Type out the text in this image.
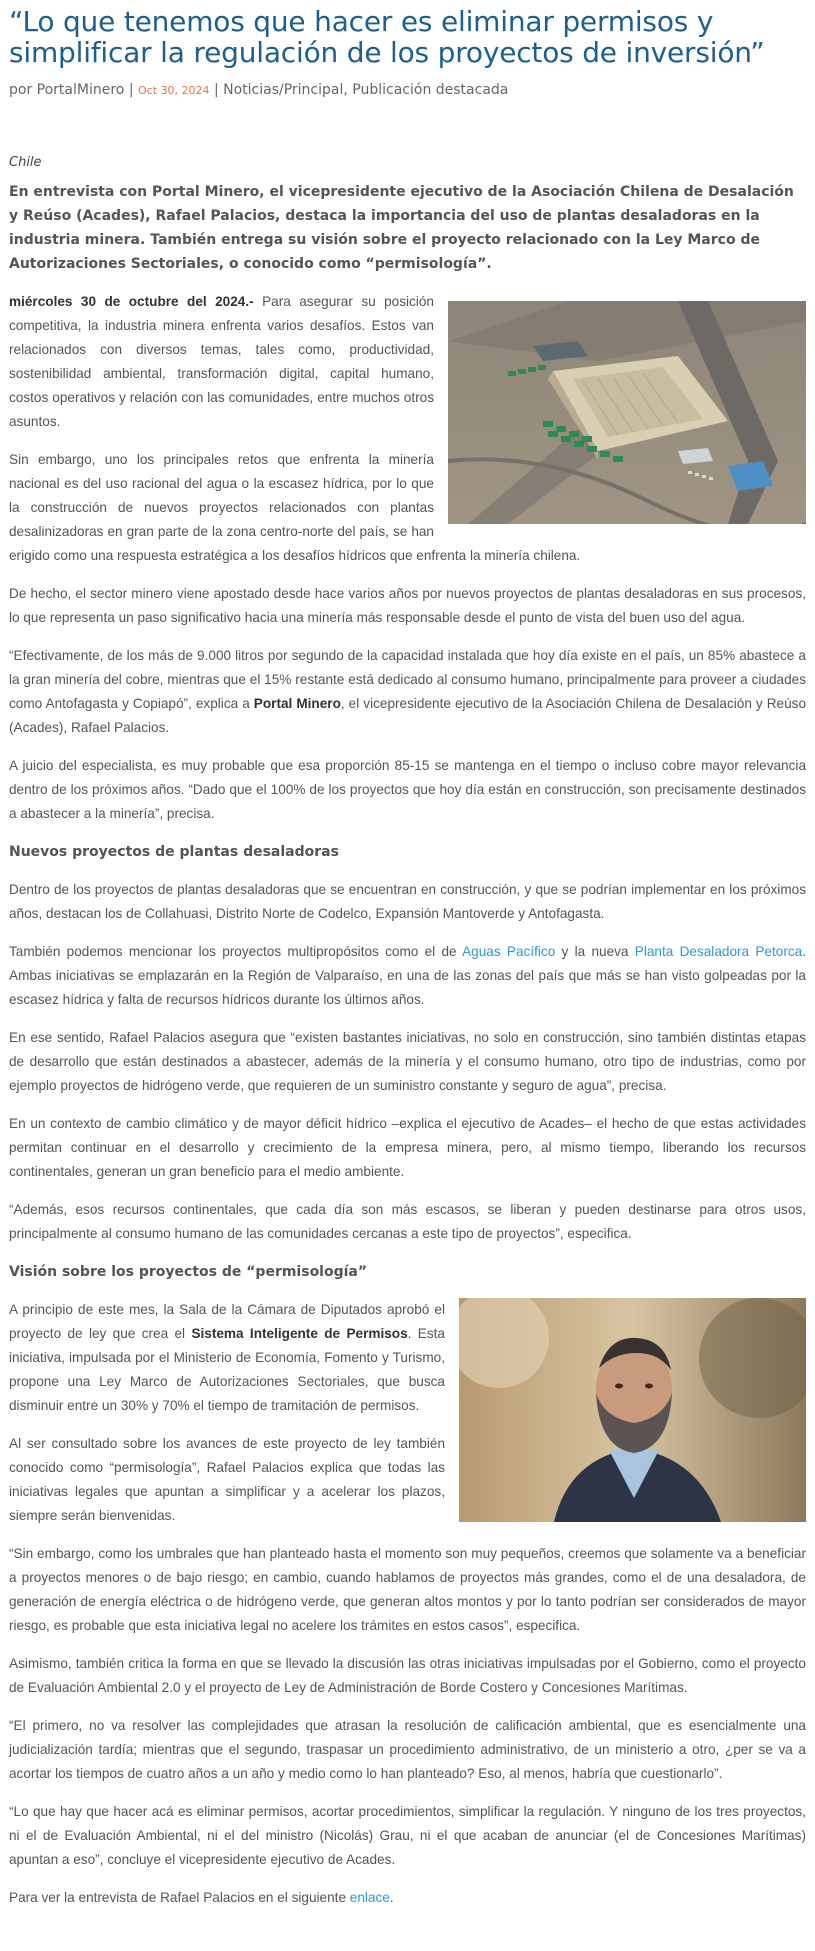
“Lo que tenemos que hacer es eliminar permisos y simplificar la regulación de los proyectos de inversión”
por PortalMinero | Oct 30, 2024 | Noticias/Principal, Publicación destacada
Chile
En entrevista con Portal Minero, el vicepresidente ejecutivo de la Asociación Chilena de Desalación y Reúso (Acades), Rafael Palacios, destaca la importancia del uso de plantas desaladoras en la industria minera. También entrega su visión sobre el proyecto relacionado con la Ley Marco de Autorizaciones Sectoriales, o conocido como “permisología”.

miércoles 30 de octubre del 2024.- Para asegurar su posición competitiva, la industria minera enfrenta varios desafíos. Estos van relacionados con diversos temas, tales como, productividad, sostenibilidad ambiental, transformación digital, capital humano, costos operativos y relación con las comunidades, entre muchos otros asuntos.

Sin embargo, uno los principales retos que enfrenta la minería nacional es del uso racional del agua o la escasez hídrica, por lo que la construcción de nuevos proyectos relacionados con plantas desalinizadoras en gran parte de la zona centro-norte del país, se han erigido como una respuesta estratégica a los desafíos hídricos que enfrenta la minería chilena.

De hecho, el sector minero viene apostado desde hace varios años por nuevos proyectos de plantas desaladoras en sus procesos, lo que representa un paso significativo hacia una minería más responsable desde el punto de vista del buen uso del agua.

“Efectivamente, de los más de 9.000 litros por segundo de la capacidad instalada que hoy día existe en el país, un 85% abastece a la gran minería del cobre, mientras que el 15% restante está dedicado al consumo humano, principalmente para proveer a ciudades como Antofagasta y Copiapó”, explica a Portal Minero, el vicepresidente ejecutivo de la Asociación Chilena de Desalación y Reúso (Acades), Rafael Palacios.

A juicio del especialista, es muy probable que esa proporción 85-15 se mantenga en el tiempo o incluso cobre mayor relevancia dentro de los próximos años. “Dado que el 100% de los proyectos que hoy día están en construcción, son precisamente destinados a abastecer a la minería”, precisa.

Nuevos proyectos de plantas desaladoras

Dentro de los proyectos de plantas desaladoras que se encuentran en construcción, y que se podrían implementar en los próximos años, destacan los de Collahuasi, Distrito Norte de Codelco, Expansión Mantoverde y Antofagasta.

También podemos mencionar los proyectos multipropósitos como el de Aguas Pacífico y la nueva Planta Desaladora Petorca. Ambas iniciativas se emplazarán en la Región de Valparaíso, en una de las zonas del país que más se han visto golpeadas por la escasez hídrica y falta de recursos hídricos durante los últimos años.

En ese sentido, Rafael Palacios asegura que “existen bastantes iniciativas, no solo en construcción, sino también distintas etapas de desarrollo que están destinados a abastecer, además de la minería y el consumo humano, otro tipo de industrias, como por ejemplo proyectos de hidrógeno verde, que requieren de un suministro constante y seguro de agua”, precisa.

En un contexto de cambio climático y de mayor déficit hídrico –explica el ejecutivo de Acades– el hecho de que estas actividades permitan continuar en el desarrollo y crecimiento de la empresa minera, pero, al mismo tiempo, liberando los recursos continentales, generan un gran beneficio para el medio ambiente.

“Además, esos recursos continentales, que cada día son más escasos, se liberan y pueden destinarse para otros usos, principalmente al consumo humano de las comunidades cercanas a este tipo de proyectos”, especifica.

Visión sobre los proyectos de “permisología”

A principio de este mes, la Sala de la Cámara de Diputados aprobó el proyecto de ley que crea el Sistema Inteligente de Permisos. Esta iniciativa, impulsada por el Ministerio de Economía, Fomento y Turismo, propone una Ley Marco de Autorizaciones Sectoriales, que busca disminuir entre un 30% y 70% el tiempo de tramitación de permisos.

Al ser consultado sobre los avances de este proyecto de ley también conocido como “permisología”, Rafael Palacios explica que todas las iniciativas legales que apuntan a simplificar y a acelerar los plazos, siempre serán bienvenidas.

“Sin embargo, como los umbrales que han planteado hasta el momento son muy pequeños, creemos que solamente va a beneficiar a proyectos menores o de bajo riesgo; en cambio, cuando hablamos de proyectos más grandes, como el de una desaladora, de generación de energía eléctrica o de hidrógeno verde, que generan altos montos y por lo tanto podrían ser considerados de mayor riesgo, es probable que esta iniciativa legal no acelere los trámites en estos casos”, especifica.

Asimismo, también critica la forma en que se llevado la discusión las otras iniciativas impulsadas por el Gobierno, como el proyecto de Evaluación Ambiental 2.0 y el proyecto de Ley de Administración de Borde Costero y Concesiones Marítimas.

“El primero, no va resolver las complejidades que atrasan la resolución de calificación ambiental, que es esencialmente una judicialización tardía; mientras que el segundo, traspasar un procedimiento administrativo, de un ministerio a otro, ¿per se va a acortar los tiempos de cuatro años a un año y medio como lo han planteado? Eso, al menos, habría que cuestionarlo”.

“Lo que hay que hacer acá es eliminar permisos, acortar procedimientos, simplificar la regulación. Y ninguno de los tres proyectos, ni el de Evaluación Ambiental, ni el del ministro (Nicolás) Grau, ni el que acaban de anunciar (el de Concesiones Marítimas) apuntan a eso”, concluye el vicepresidente ejecutivo de Acades.

Para ver la entrevista de Rafael Palacios en el siguiente enlace.
